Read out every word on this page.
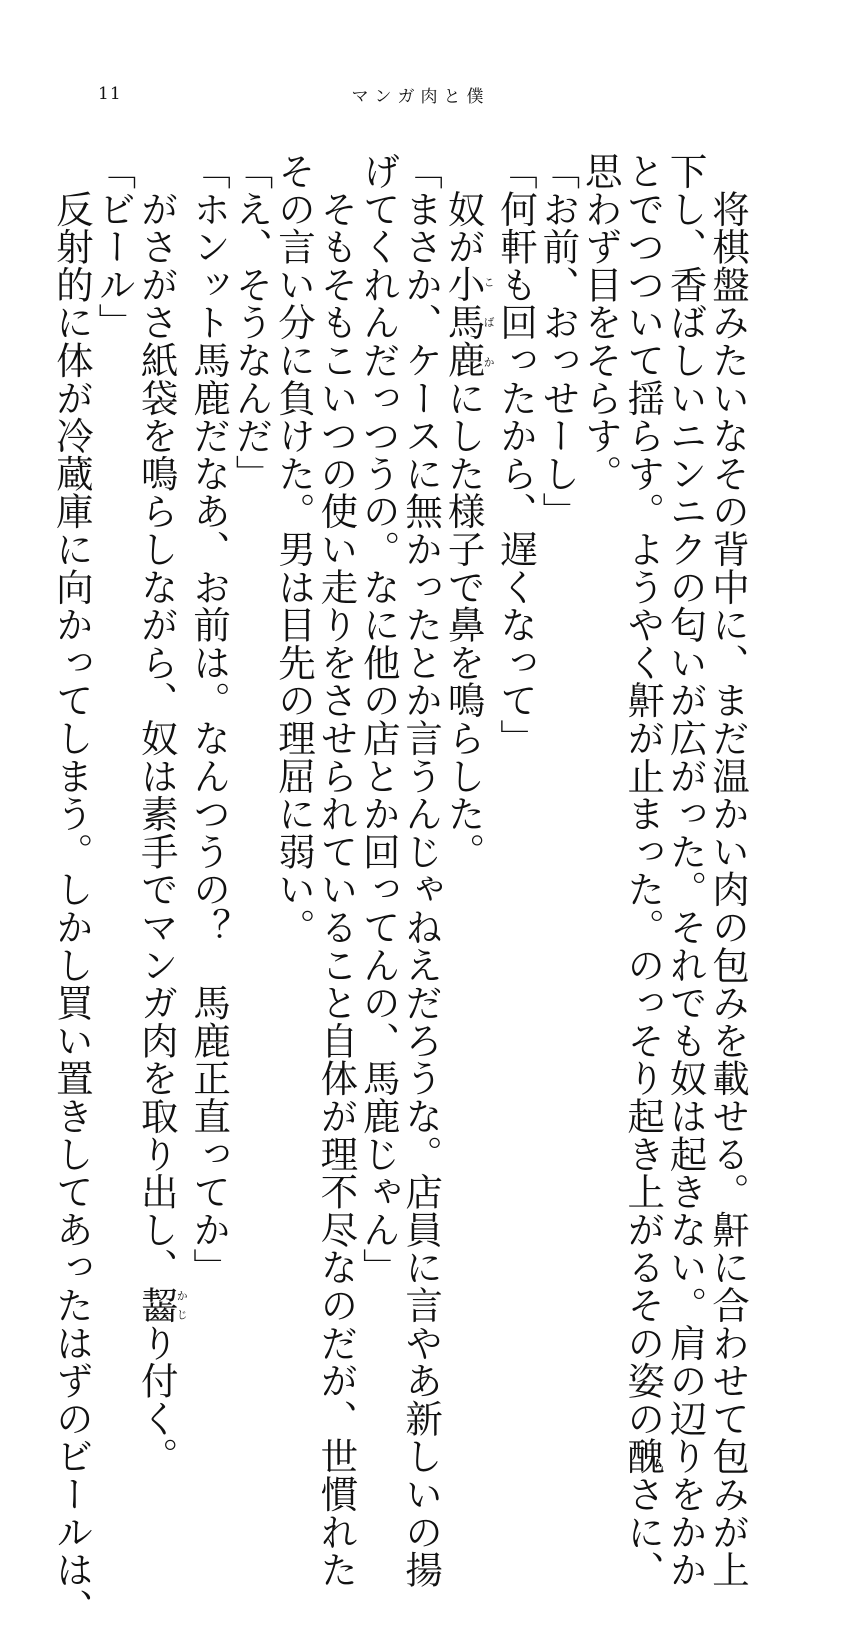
11	マンガ肉と僕

　将棋盤みたいなその背中に、まだ温かい肉の包みを載せる。鼾に合わせて包みが上

下し、香ばしいニンニクの匂いが広がった。それでも奴は起きない。肩の辺りをかか

とでつついて揺らす。ようやく鼾が止まった。のっそり起き上がるその姿の醜さに、

思わず目をそらす。

「お前、おっせーし」

「何軒も回ったから、遅くなって」

　奴が小馬鹿こばかにした様子で鼻を鳴らした。

「まさか、ケースに無かったとか言うんじゃねえだろうな。店員に言やあ新しいの揚

げてくれんだっつうの。なに他の店とか回ってんの、馬鹿じゃん」

　そもそもこいつの使い走りをさせられていること自体が理不尽なのだが、世慣れた

その言い分に負けた。男は目先の理屈に弱い。

「え、そうなんだ」

「ホンット馬鹿だなあ、お前は。なんつうの？　馬鹿正直ってか」

　がさがさ紙袋を鳴らしながら、奴は素手でマンガ肉を取り出し、齧かじり付く。

「ビール」

　反射的に体が冷蔵庫に向かってしまう。しかし買い置きしてあったはずのビールは、
